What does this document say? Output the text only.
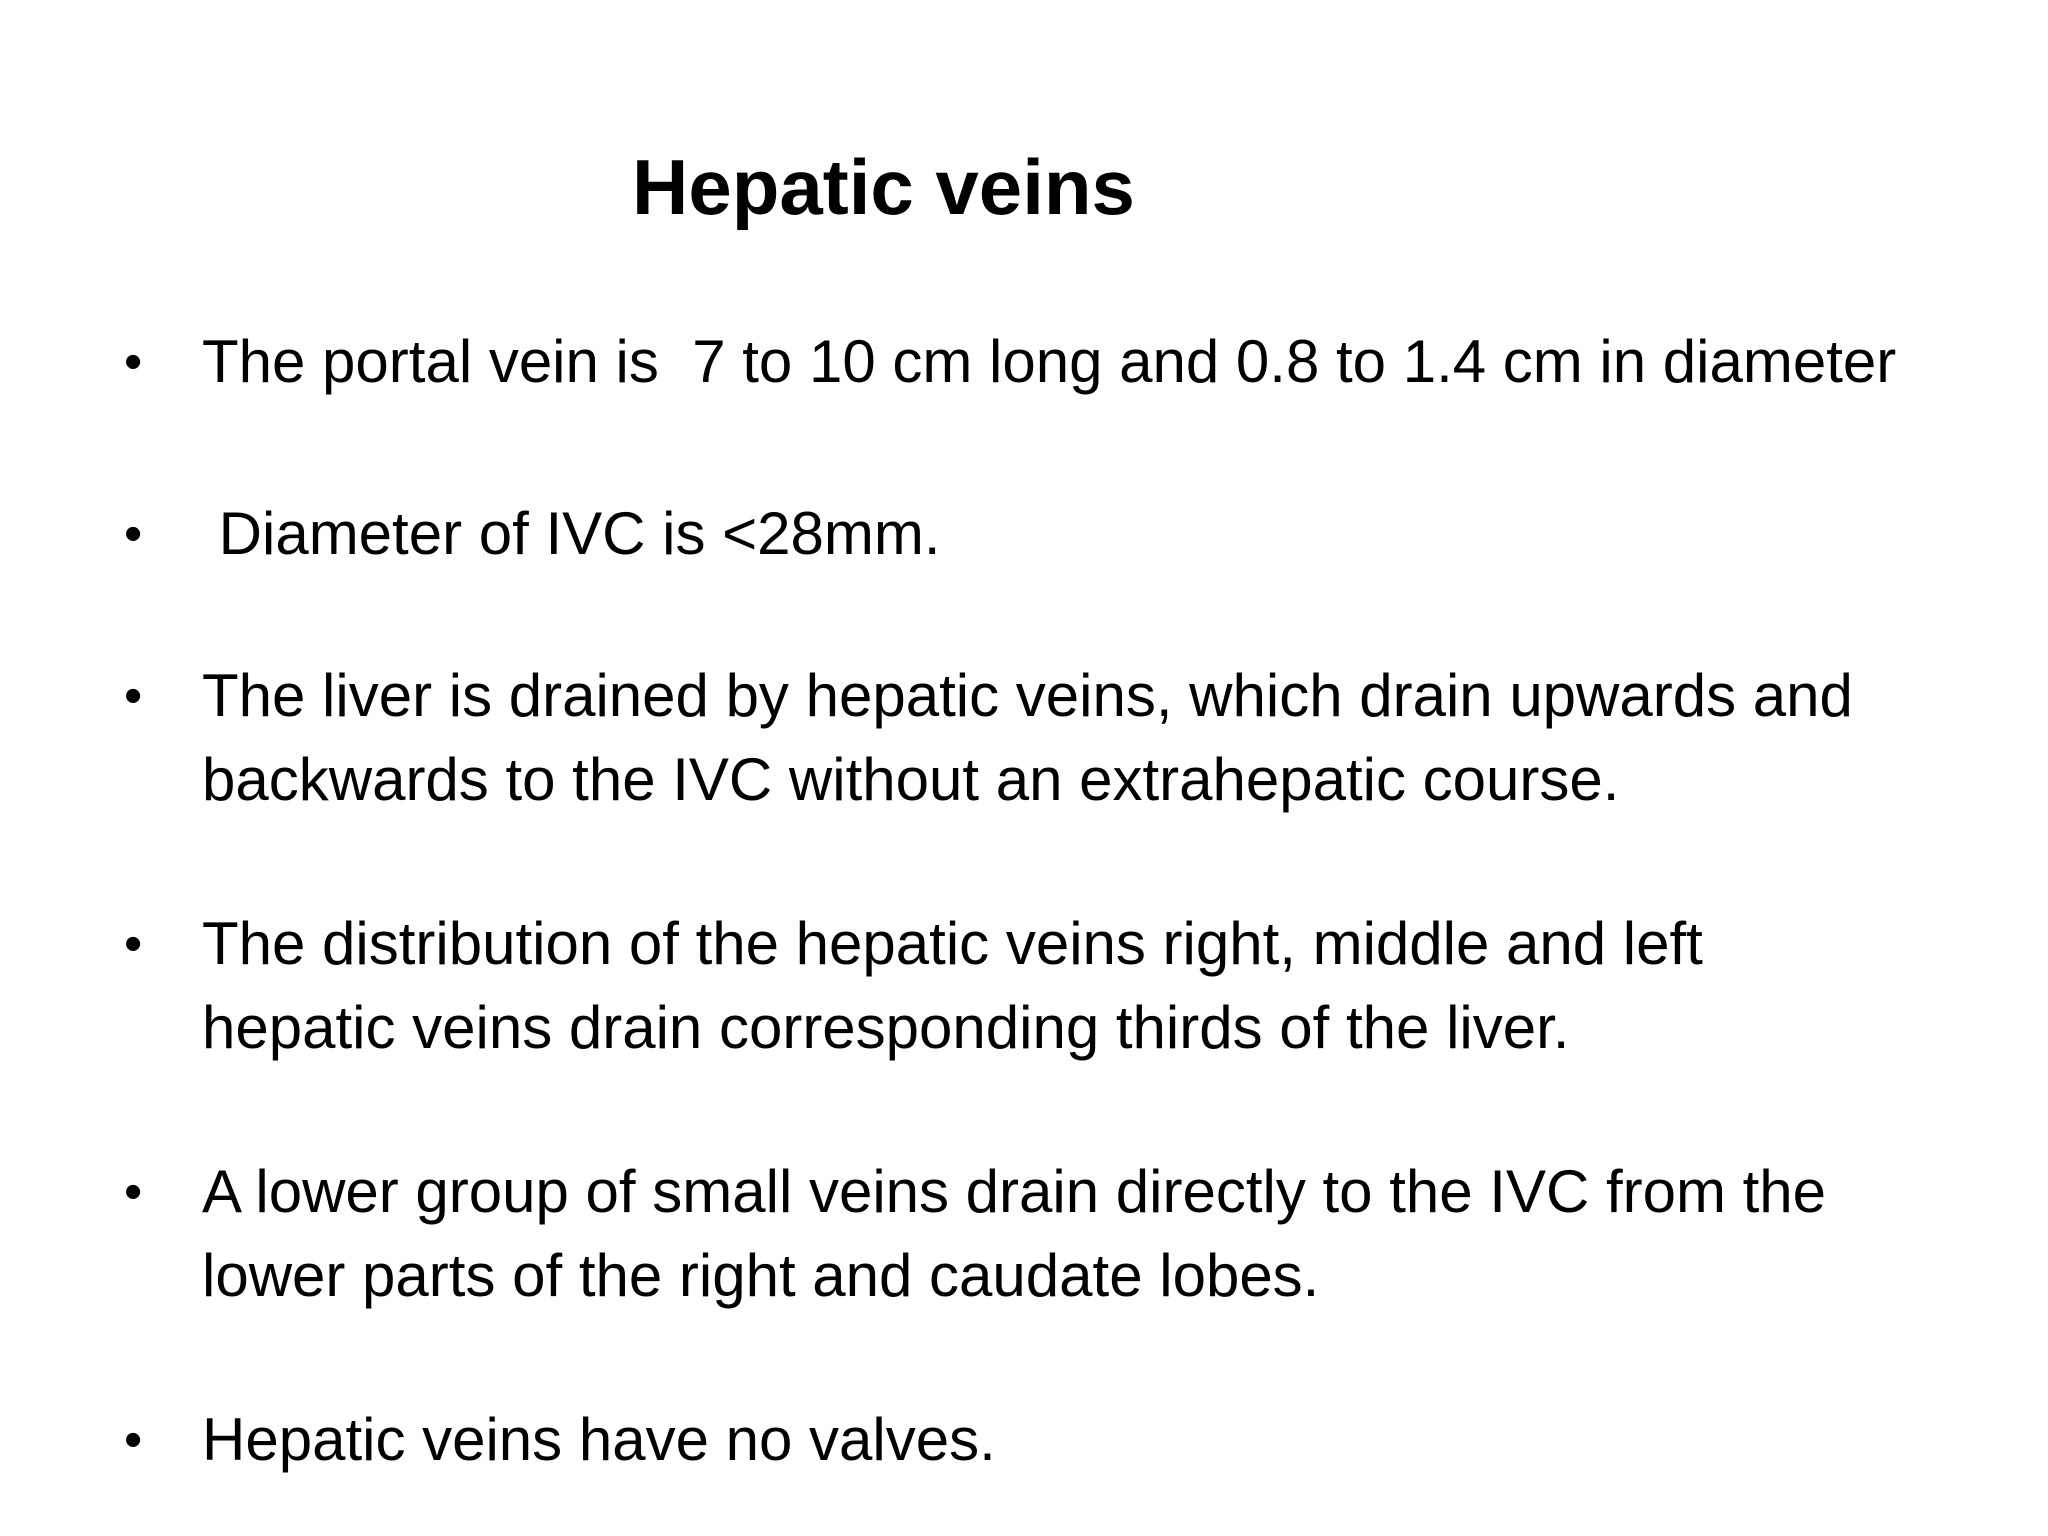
Hepatic veins
• The portal vein is  7 to 10 cm long and 0.8 to 1.4 cm in diameter
• Diameter of IVC is <28mm.
• The liver is drained by hepatic veins, which drain upwards and
backwards to the IVC without an extrahepatic course.
• The distribution of the hepatic veins right, middle and left
hepatic veins drain corresponding thirds of the liver.
• A lower group of small veins drain directly to the IVC from the
lower parts of the right and caudate lobes.
• Hepatic veins have no valves.
